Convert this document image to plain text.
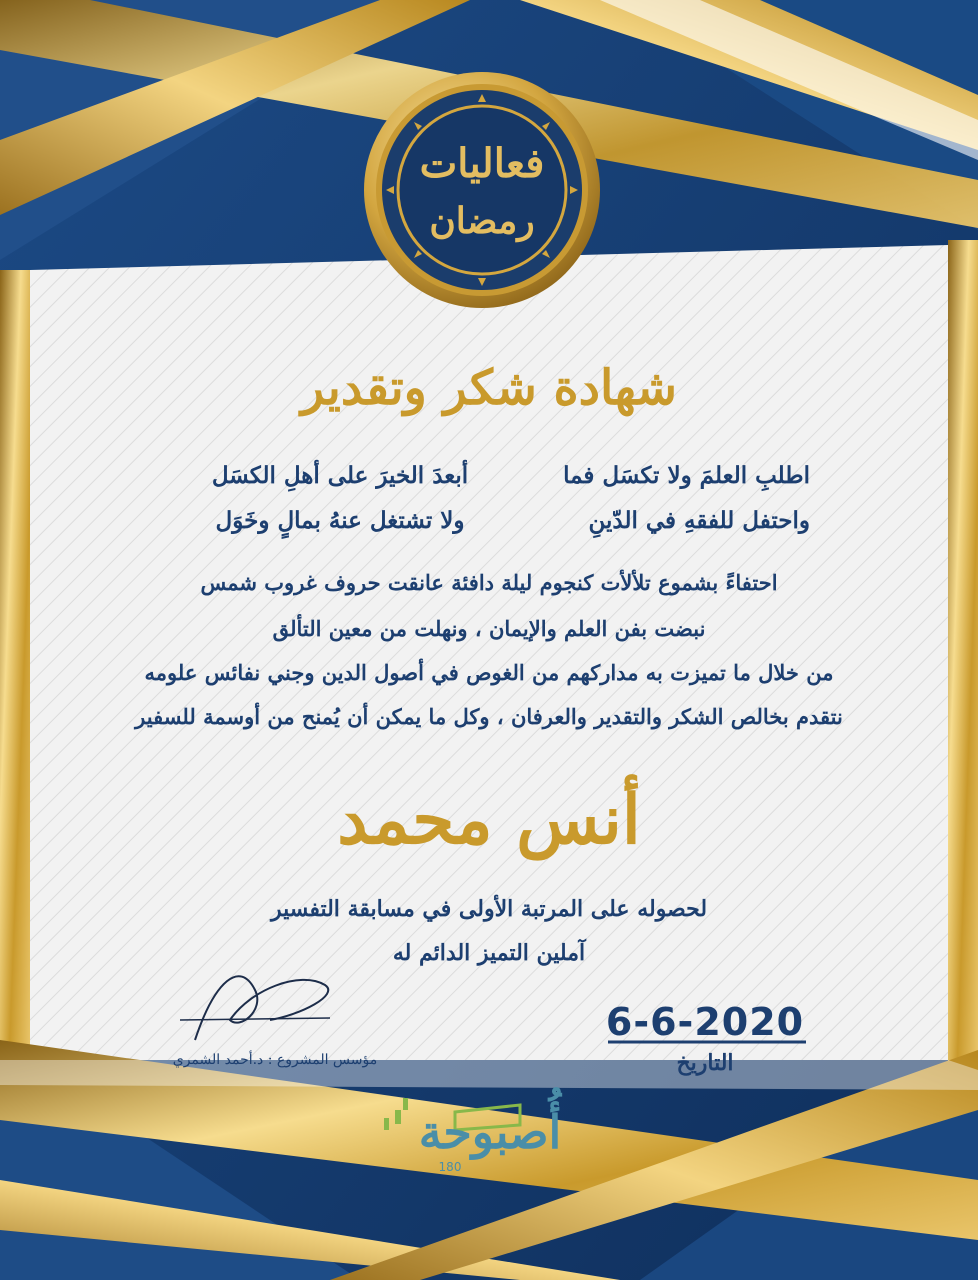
فعاليات
رمضان
شهادة شكر وتقدير
اطلبِ العلمَ ولا تكسَل فما
أبعدَ الخيرَ على أهلِ الكسَل
واحتفل للفقهِ في الدّينِ
ولا تشتغل عنهُ بمالٍ وخَوَل
احتفاءً بشموع تلألأت كنجوم ليلة دافئة عانقت حروف غروب شمس
نبضت بفن العلم والإيمان ، ونهلت من معين التألق
من خلال ما تميزت به مداركهم من الغوص في أصول الدين وجني نفائس علومه
نتقدم بخالص الشكر والتقدير والعرفان ، وكل ما يمكن أن يُمنح من أوسمة للسفير
أنس محمد
لحصوله على المرتبة الأولى في مسابقة التفسير
آملين التميز الدائم له
6-6-2020
التاريخ
مؤسس المشروع : د.أحمد الشمري
أُصبوحة
180
